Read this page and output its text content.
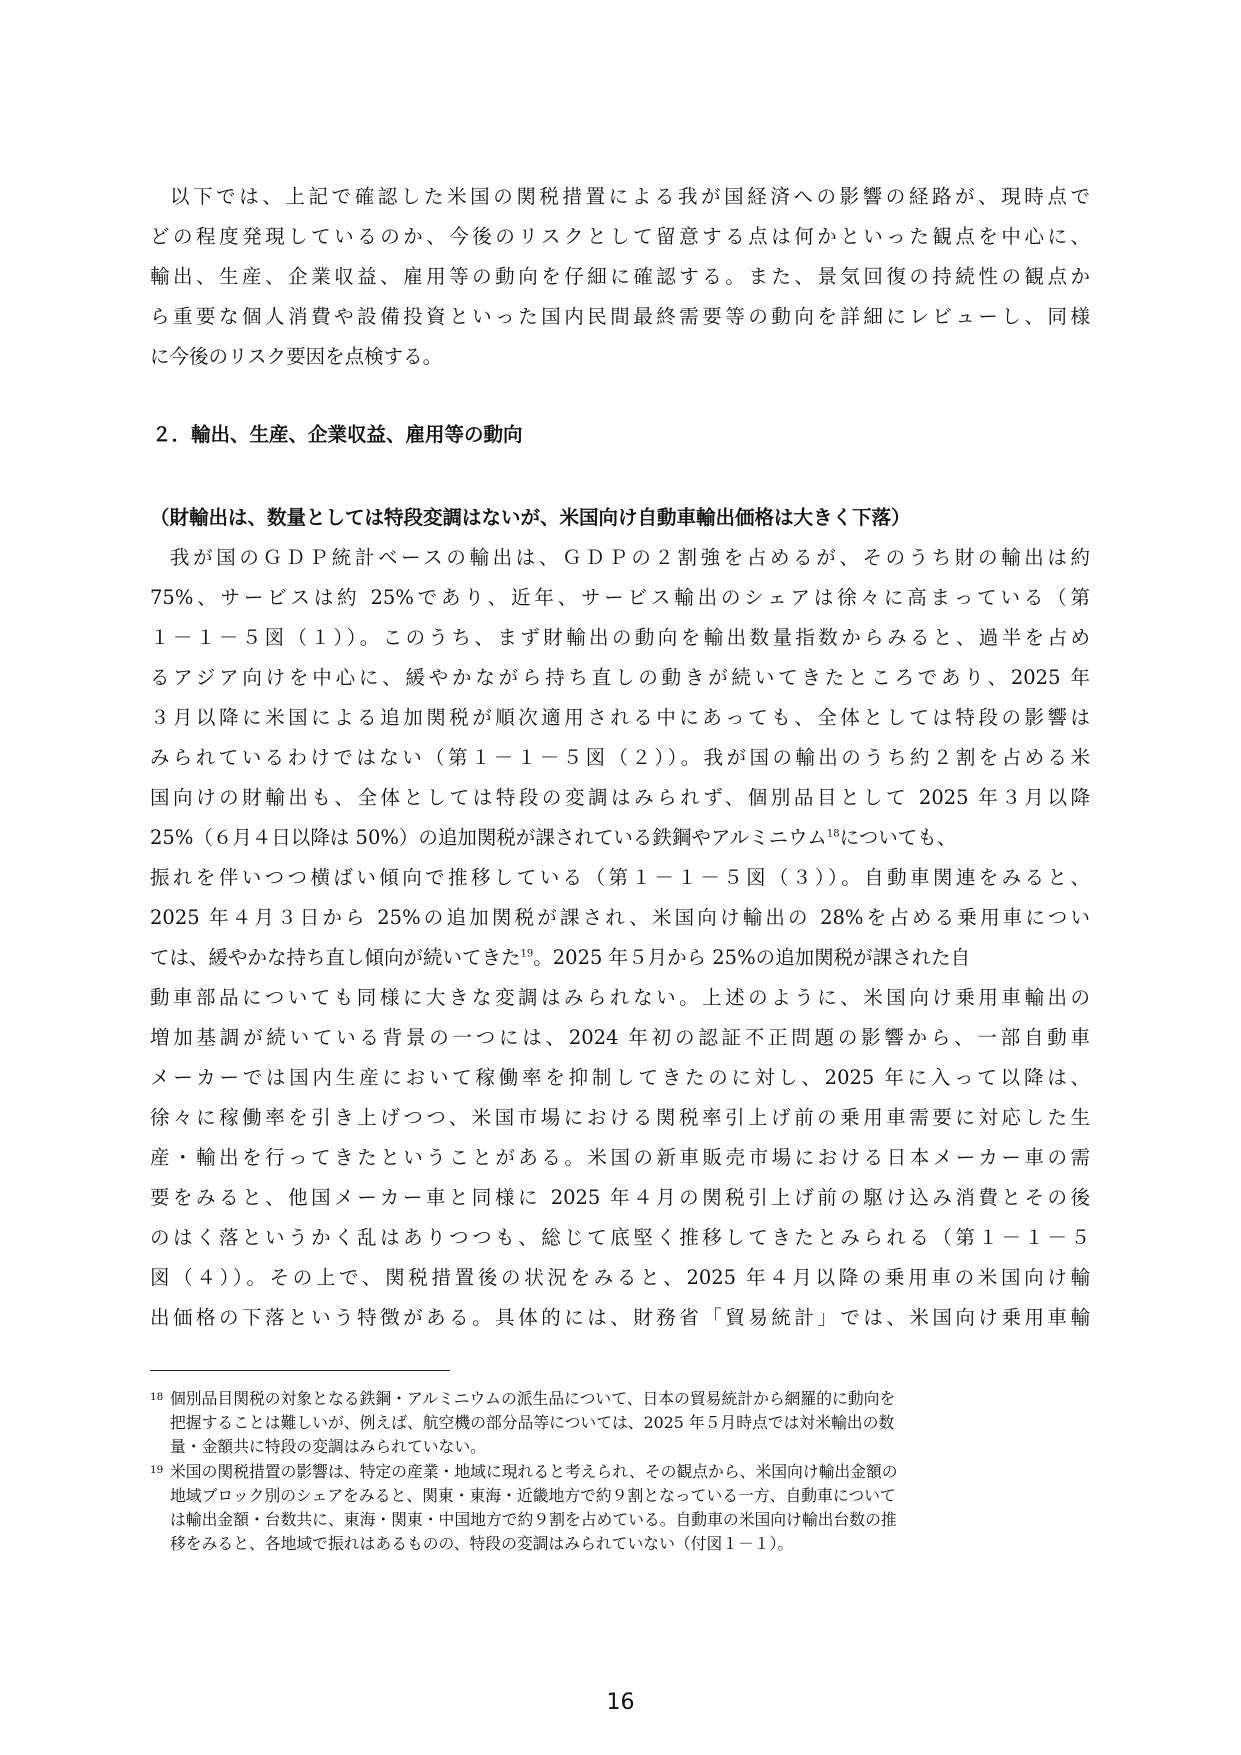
以下では、上記で確認した米国の関税措置による我が国経済への影響の経路が、現時点で
どの程度発現しているのか、今後のリスクとして留意する点は何かといった観点を中心に、
輸出、生産、企業収益、雇用等の動向を仔細に確認する。また、景気回復の持続性の観点か
ら重要な個人消費や設備投資といった国内民間最終需要等の動向を詳細にレビューし、同様
に今後のリスク要因を点検する。
２．輸出、生産、企業収益、雇用等の動向
（財輸出は、数量としては特段変調はないが、米国向け自動車輸出価格は大きく下落）
我が国のＧＤＰ統計ベースの輸出は、ＧＤＰの２割強を占めるが、そのうち財の輸出は約
75%、サービスは約 25%であり、近年、サービス輸出のシェアは徐々に高まっている（第
１－１－５図（１））。このうち、まず財輸出の動向を輸出数量指数からみると、過半を占め
るアジア向けを中心に、緩やかながら持ち直しの動きが続いてきたところであり、2025 年
３月以降に米国による追加関税が順次適用される中にあっても、全体としては特段の影響は
みられているわけではない（第１－１－５図（２））。我が国の輸出のうち約２割を占める米
国向けの財輸出も、全体としては特段の変調はみられず、個別品目として 2025 年３月以降
25%（６月４日以降は 50%）の追加関税が課されている鉄鋼やアルミニウム$^{18}$についても、
振れを伴いつつ横ばい傾向で推移している（第１－１－５図（３））。自動車関連をみると、
2025 年４月３日から 25%の追加関税が課され、米国向け輸出の 28%を占める乗用車につい
ては、緩やかな持ち直し傾向が続いてきた$^{19}$。2025 年５月から 25%の追加関税が課された自
動車部品についても同様に大きな変調はみられない。上述のように、米国向け乗用車輸出の
増加基調が続いている背景の一つには、2024 年初の認証不正問題の影響から、一部自動車
メーカーでは国内生産において稼働率を抑制してきたのに対し、2025 年に入って以降は、
徐々に稼働率を引き上げつつ、米国市場における関税率引上げ前の乗用車需要に対応した生
産・輸出を行ってきたということがある。米国の新車販売市場における日本メーカー車の需
要をみると、他国メーカー車と同様に 2025 年４月の関税引上げ前の駆け込み消費とその後
のはく落というかく乱はありつつも、総じて底堅く推移してきたとみられる（第１－１－５
図（４））。その上で、関税措置後の状況をみると、2025 年４月以降の乗用車の米国向け輸
出価格の下落という特徴がある。具体的には、財務省「貿易統計」では、米国向け乗用車輸
18 個別品目関税の対象となる鉄鋼・アルミニウムの派生品について、日本の貿易統計から網羅的に動向を
把握することは難しいが、例えば、航空機の部分品等については、2025 年５月時点では対米輸出の数
量・金額共に特段の変調はみられていない。
19 米国の関税措置の影響は、特定の産業・地域に現れると考えられ、その観点から、米国向け輸出金額の
地域ブロック別のシェアをみると、関東・東海・近畿地方で約９割となっている一方、自動車について
は輸出金額・台数共に、東海・関東・中国地方で約９割を占めている。自動車の米国向け輸出台数の推
移をみると、各地域で振れはあるものの、特段の変調はみられていない（付図１－１）。
16
